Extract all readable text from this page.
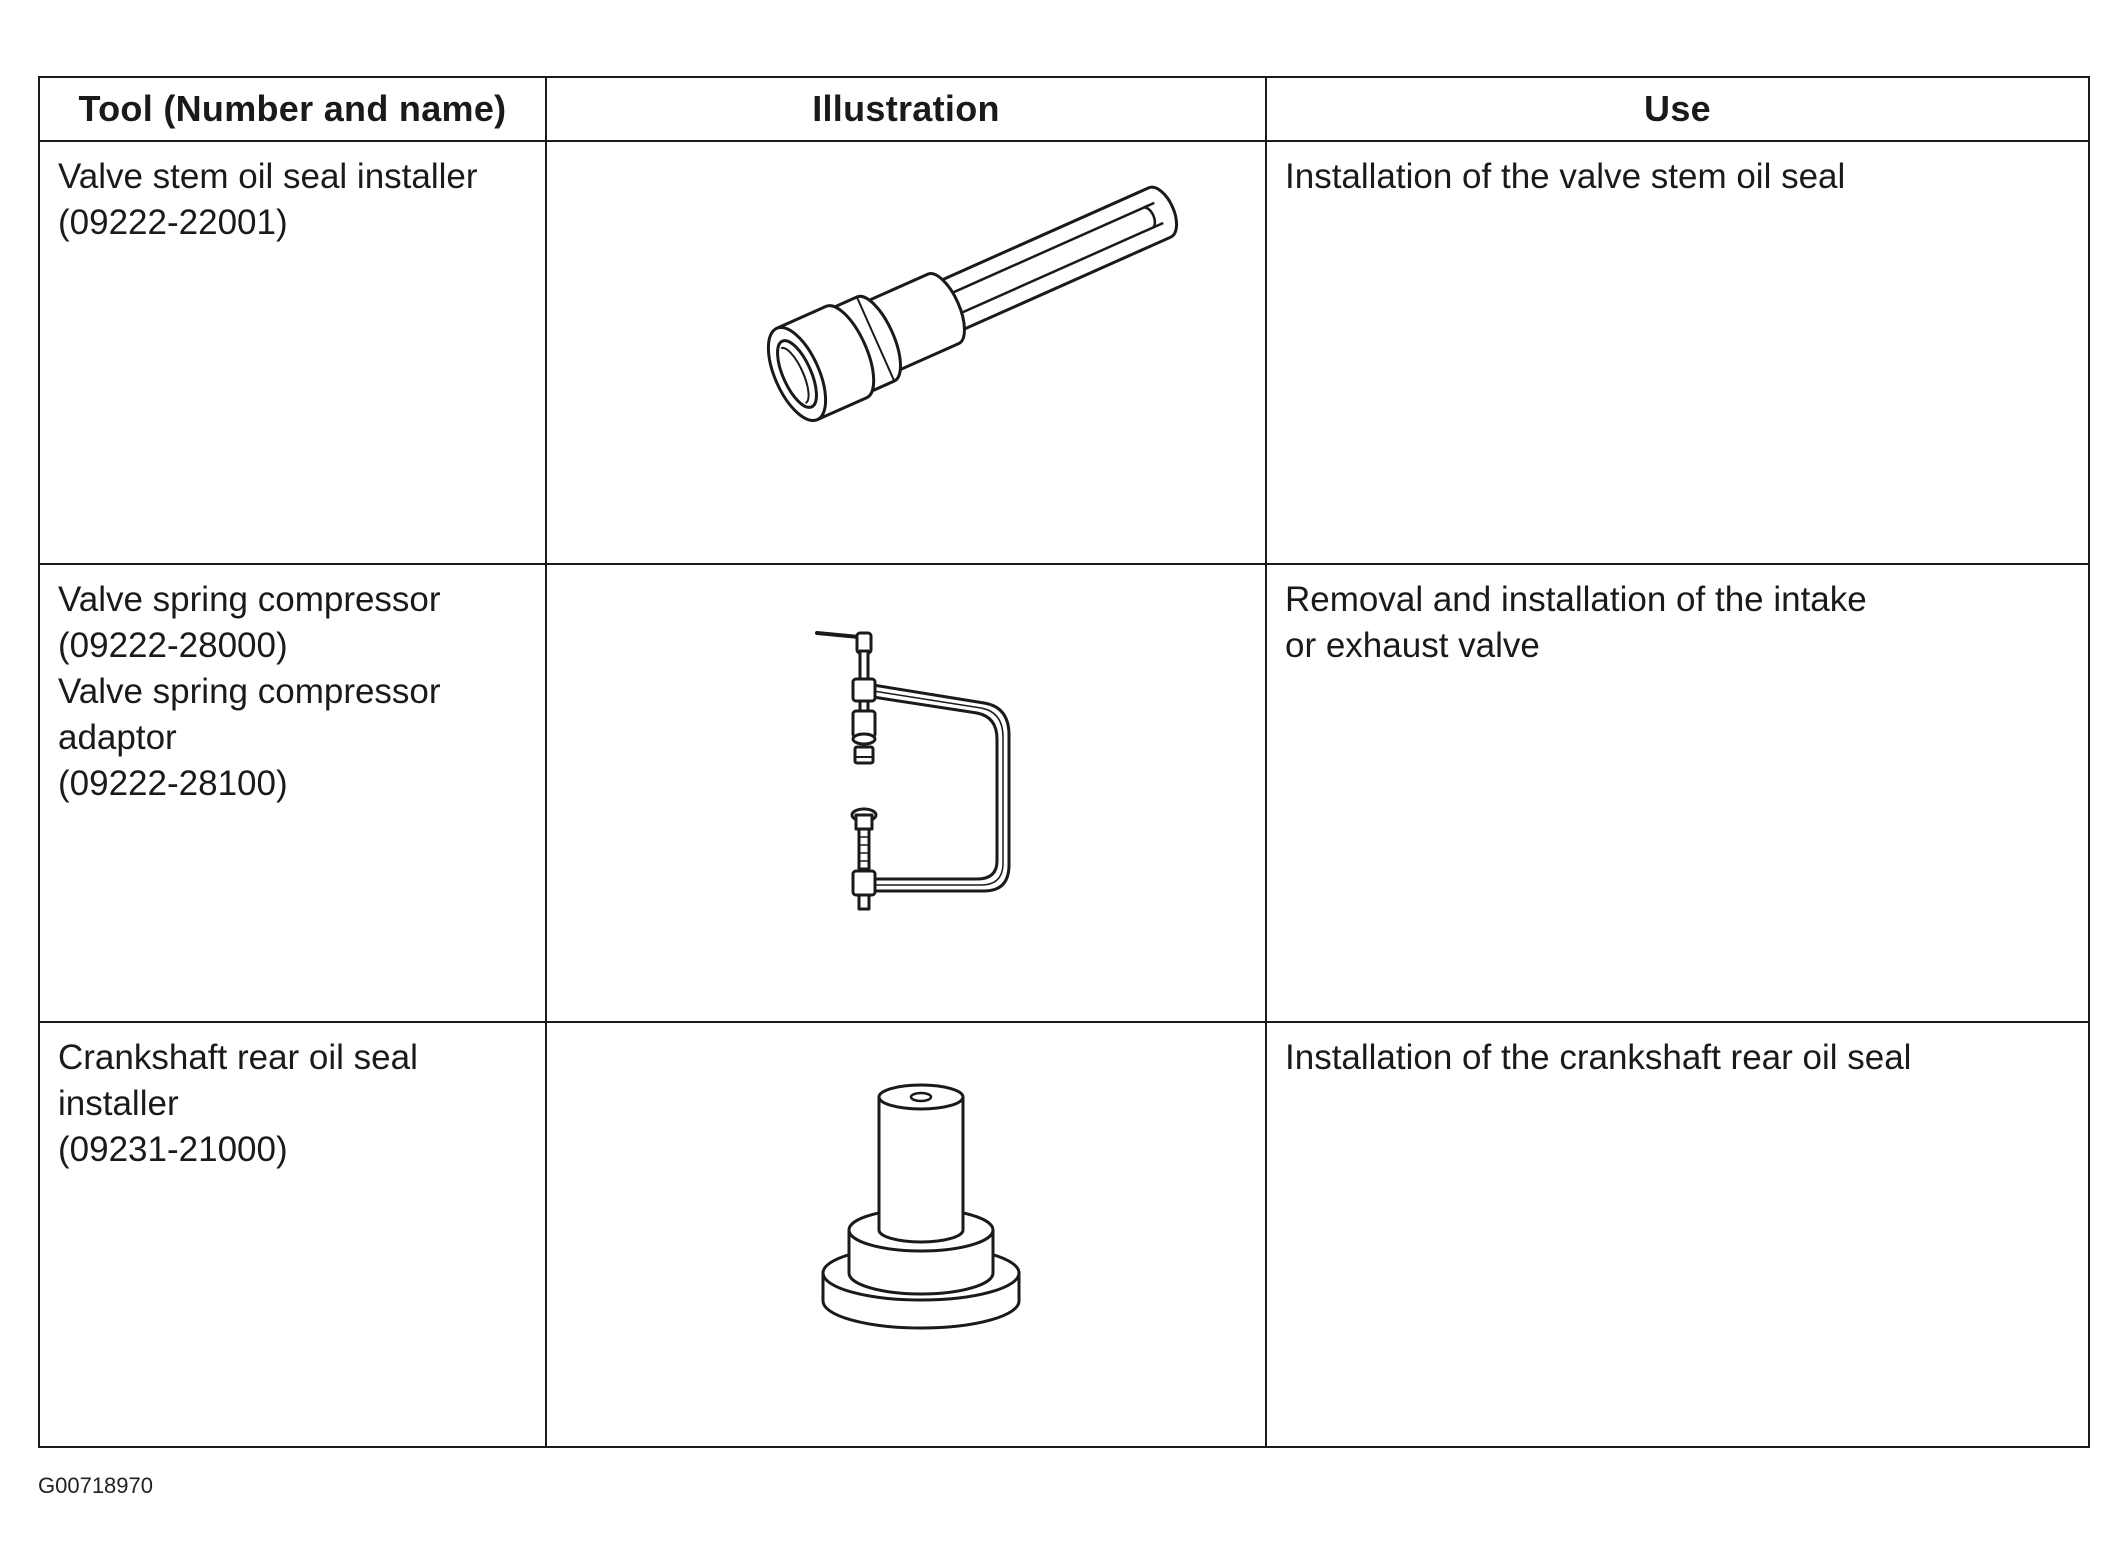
Tool (Number and name)	Illustration	Use

Valve stem oil seal installer
(09222-22001)		Installation of the valve stem oil seal

Valve spring compressor
(09222-28000)
Valve spring compressor
adaptor
(09222-28100)		Removal and installation of the intake
or exhaust valve

Crankshaft rear oil seal
installer
(09231-21000)		Installation of the crankshaft rear oil seal
G00718970
